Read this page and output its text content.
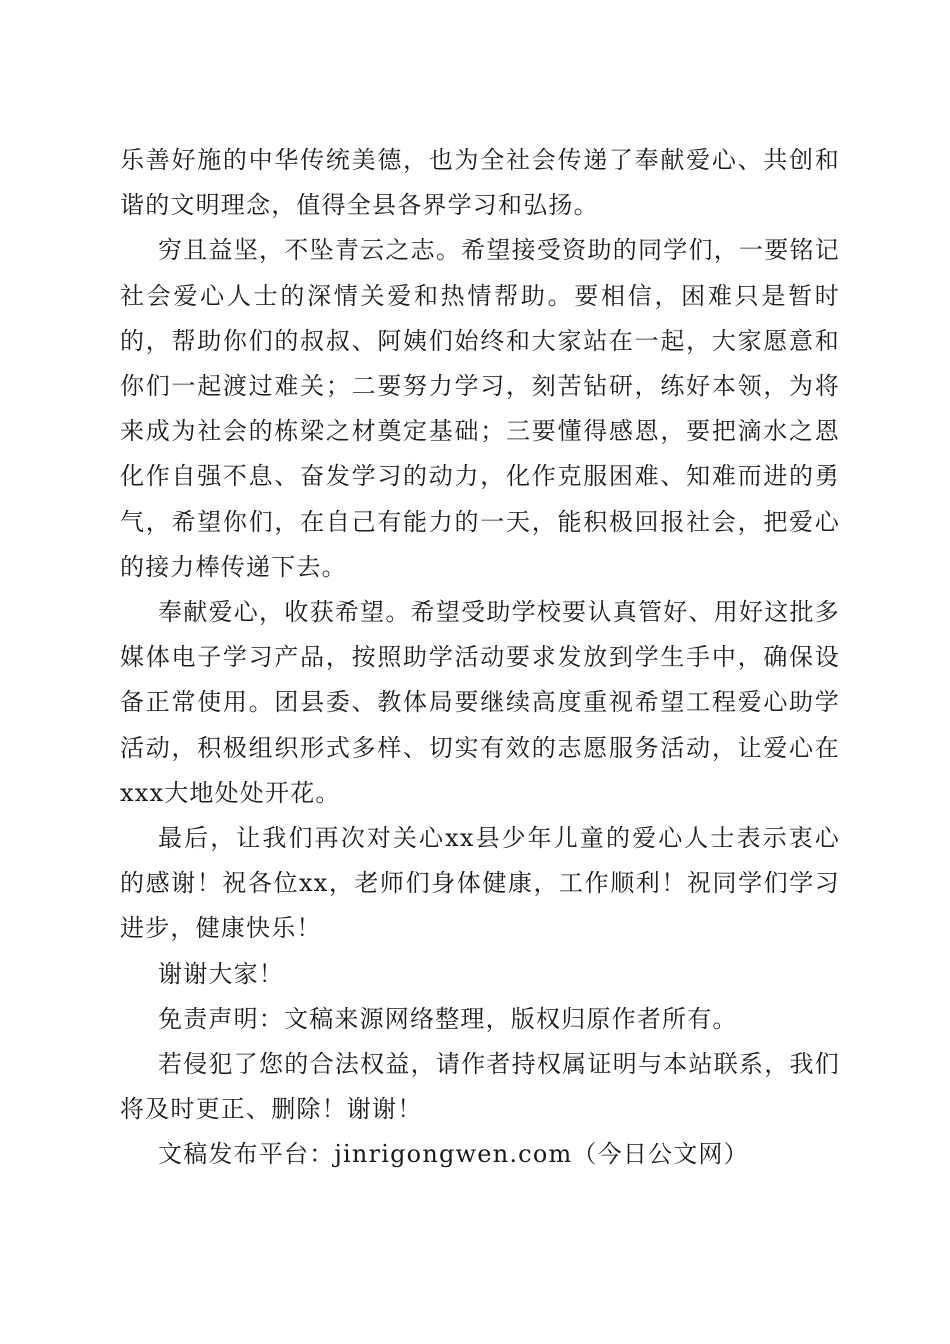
乐善好施的中华传统美德，也为全社会传递了奉献爱心、共创和谐的文明理念，值得全县各界学习和弘扬。

穷且益坚，不坠青云之志。希望接受资助的同学们，一要铭记社会爱心人士的深情关爱和热情帮助。要相信，困难只是暂时的，帮助你们的叔叔、阿姨们始终和大家站在一起，大家愿意和你们一起渡过难关；二要努力学习，刻苦钻研，练好本领，为将来成为社会的栋梁之材奠定基础；三要懂得感恩，要把滴水之恩化作自强不息、奋发学习的动力，化作克服困难、知难而进的勇气，希望你们，在自己有能力的一天，能积极回报社会，把爱心的接力棒传递下去。

奉献爱心，收获希望。希望受助学校要认真管好、用好这批多媒体电子学习产品，按照助学活动要求发放到学生手中，确保设备正常使用。团县委、教体局要继续高度重视希望工程爱心助学活动，积极组织形式多样、切实有效的志愿服务活动，让爱心在xxx大地处处开花。

最后，让我们再次对关心xx县少年儿童的爱心人士表示衷心的感谢！祝各位xx，老师们身体健康，工作顺利！祝同学们学习进步，健康快乐！

谢谢大家！

免责声明：文稿来源网络整理，版权归原作者所有。

若侵犯了您的合法权益，请作者持权属证明与本站联系，我们将及时更正、删除！谢谢！

文稿发布平台：jinrigongwen.com（今日公文网）
